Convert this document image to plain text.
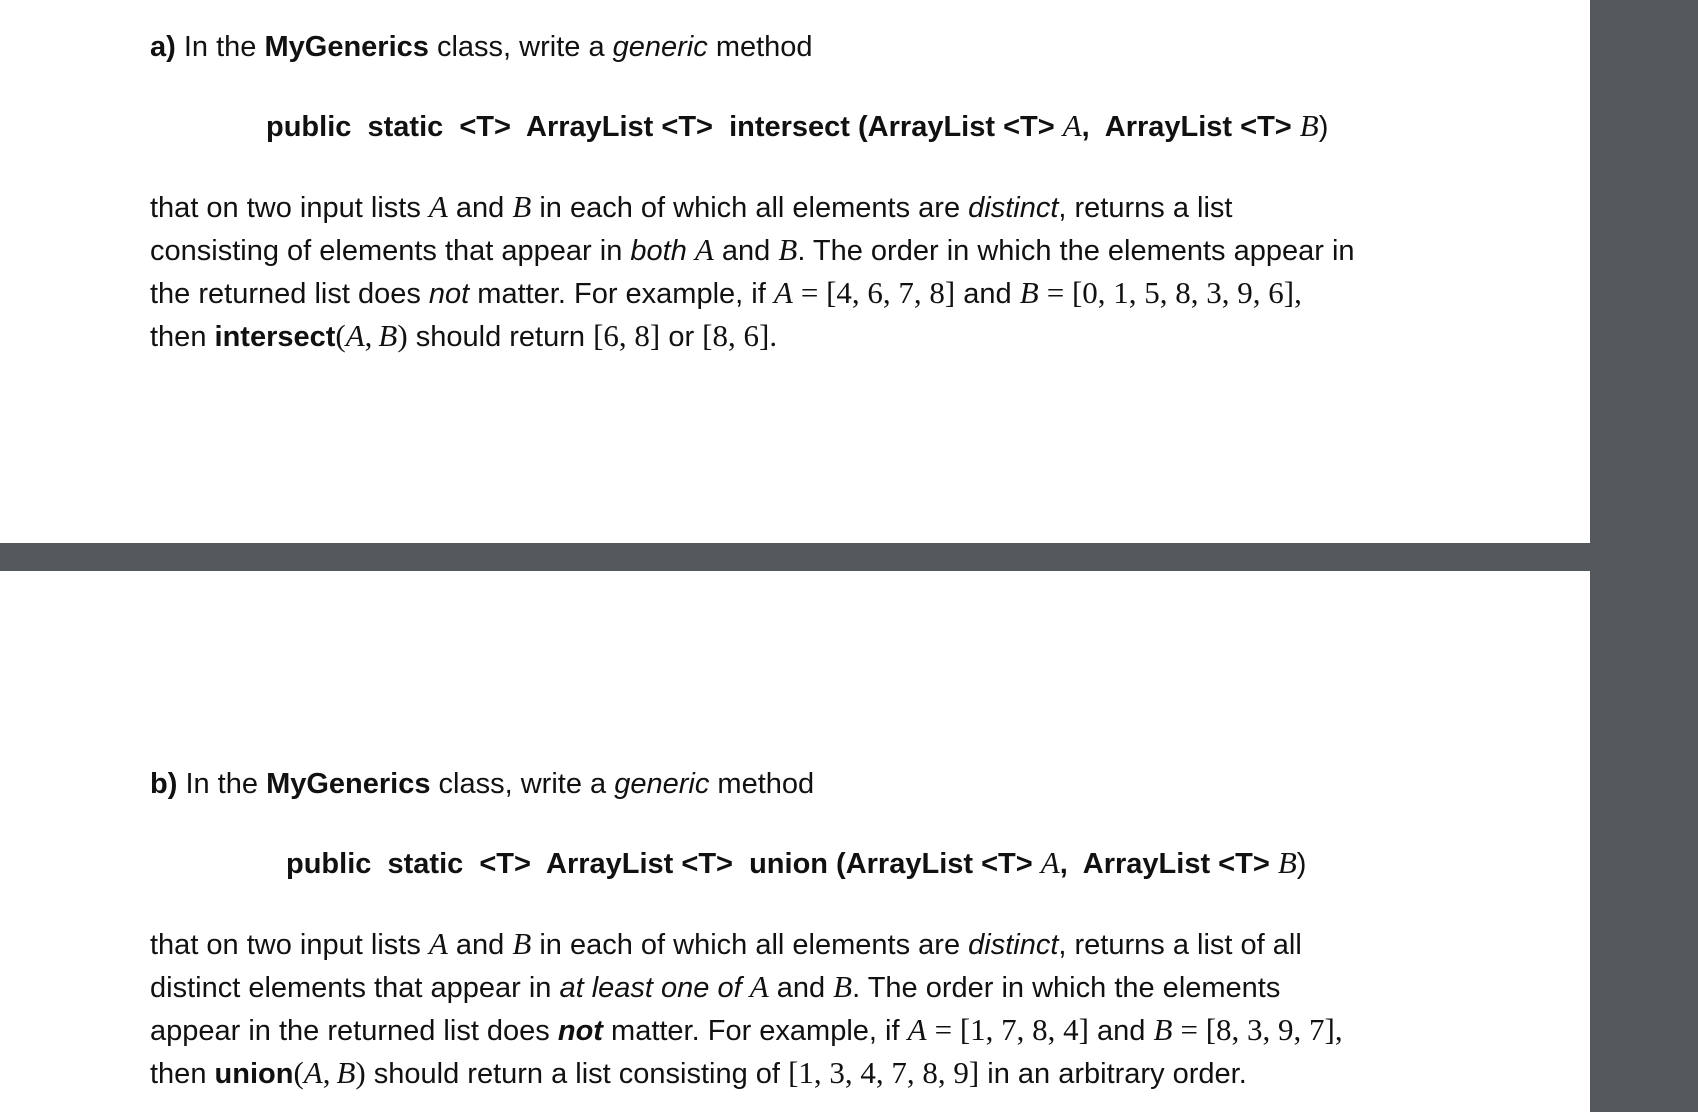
a) In the MyGenerics class, write a generic method
public  static  <T>  ArrayList <T>  intersect (ArrayList <T> A,  ArrayList <T> B)
that on two input lists A and B in each of which all elements are distinct, returns a list
consisting of elements that appear in both A and B. The order in which the elements appear in
the returned list does not matter. For example, if A = [4, 6, 7, 8] and B = [0, 1, 5, 8, 3, 9, 6],
then intersect(A, B) should return [6, 8] or [8, 6].
b) In the MyGenerics class, write a generic method
public  static  <T>  ArrayList <T>  union (ArrayList <T> A,  ArrayList <T> B)
that on two input lists A and B in each of which all elements are distinct, returns a list of all
distinct elements that appear in at least one of A and B. The order in which the elements
appear in the returned list does not matter. For example, if A = [1, 7, 8, 4] and B = [8, 3, 9, 7],
then union(A, B) should return a list consisting of [1, 3, 4, 7, 8, 9] in an arbitrary order.
